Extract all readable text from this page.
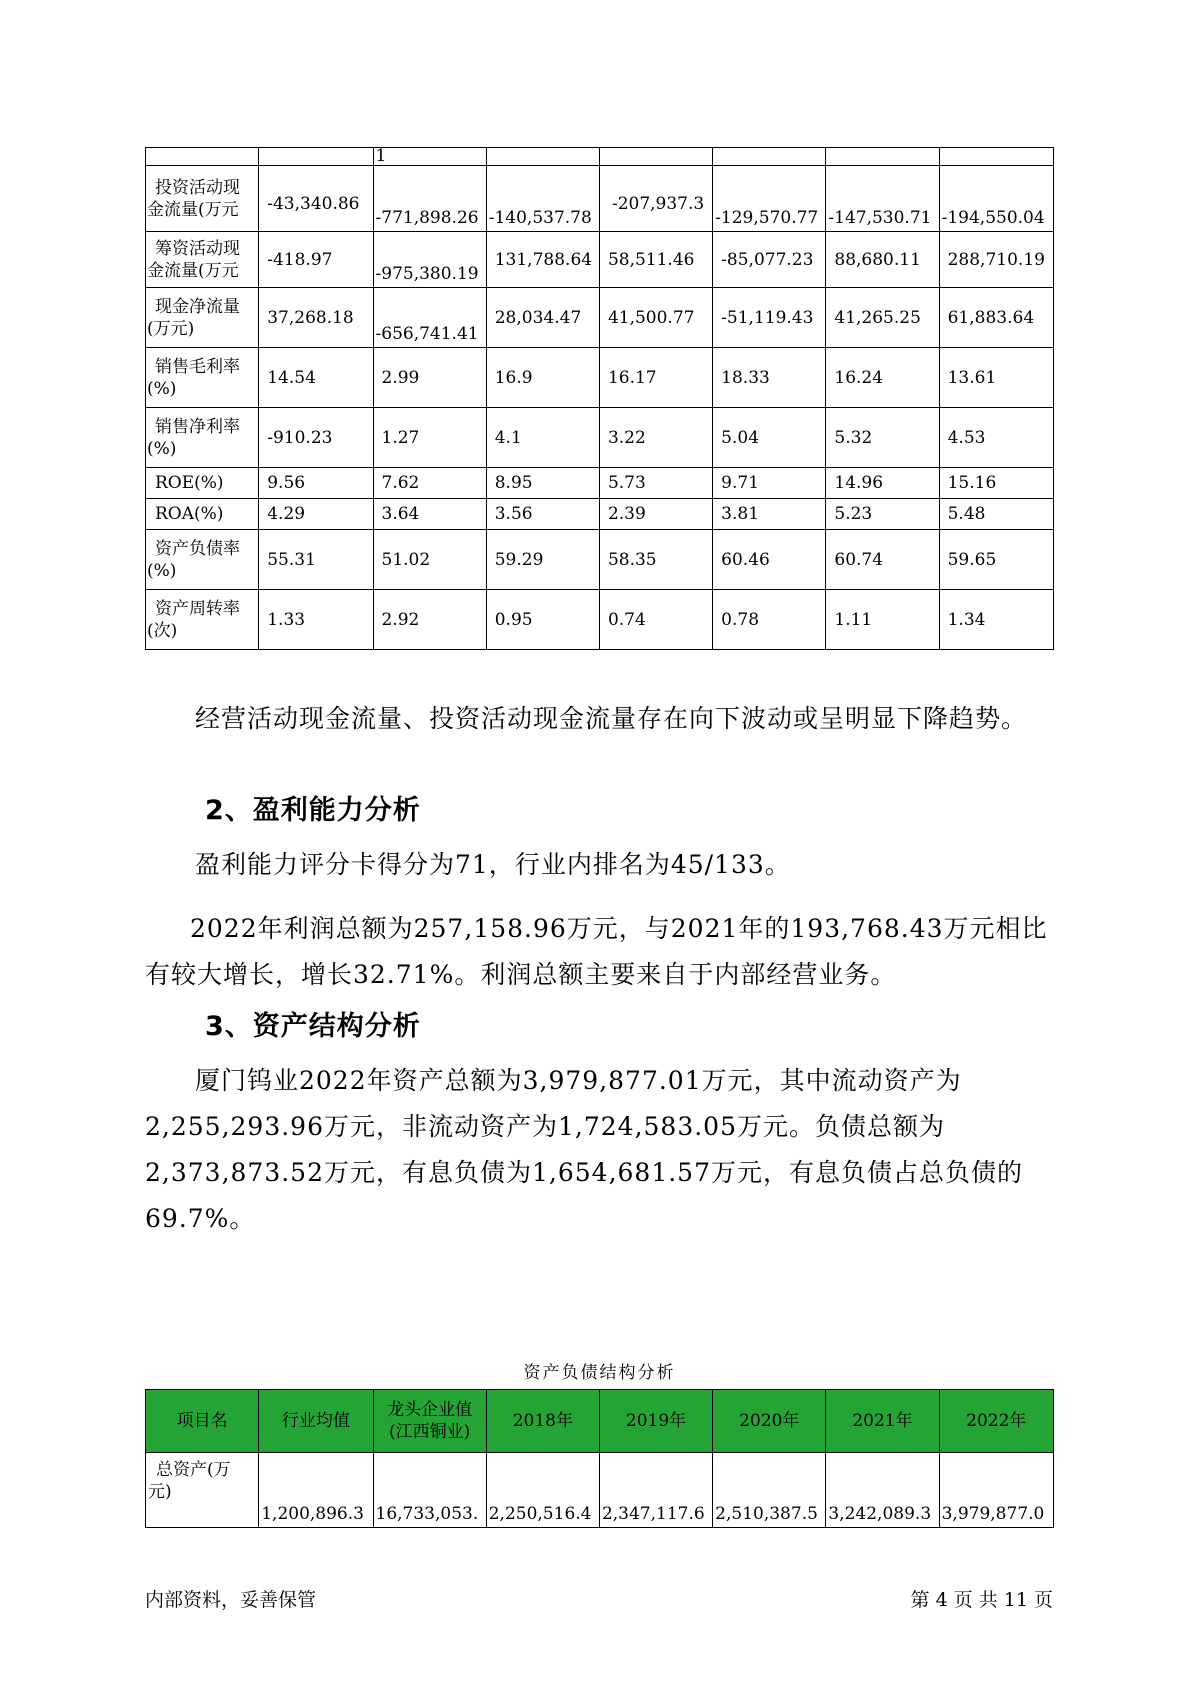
		1					

投资活动现
金流量(万元	-43,340.86	-771,898.26	-140,537.78	-207,937.3	-129,570.77	-147,530.71	-194,550.04

筹资活动现
金流量(万元	-418.97	-975,380.19	131,788.64	58,511.46	-85,077.23	88,680.11	288,710.19

现金净流量
(万元)	37,268.18	-656,741.41	28,034.47	41,500.77	-51,119.43	41,265.25	61,883.64

销售毛利率
(%)	14.54	2.99	16.9	16.17	18.33	16.24	13.61

销售净利率
(%)	-910.23	1.27	4.1	3.22	5.04	5.32	4.53

ROE(%)	9.56	7.62	8.95	5.73	9.71	14.96	15.16

ROA(%)	4.29	3.64	3.56	2.39	3.81	5.23	5.48

资产负债率
(%)	55.31	51.02	59.29	58.35	60.46	60.74	59.65

资产周转率
(次)	1.33	2.92	0.95	0.74	0.78	1.11	1.34

经营活动现金流量、投资活动现金流量存在向下波动或呈明显下降趋势。

2、盈利能力分析

盈利能力评分卡得分为71，行业内排名为45/133。

2022年利润总额为257,158.96万元，与2021年的193,768.43万元相比有较大增长，增长32.71%。利润总额主要来自于内部经营业务。

3、资产结构分析

厦门钨业2022年资产总额为3,979,877.01万元，其中流动资产为2,255,293.96万元，非流动资产为1,724,583.05万元。负债总额为2,373,873.52万元，有息负债为1,654,681.57万元，有息负债占总负债的69.7%。

资产负债结构分析
项目名	行业均值	龙头企业值(江西铜业)	2018年	2019年	2020年	2021年	2022年

总资产(万
元)	1,200,896.3	16,733,053.	2,250,516.4	2,347,117.6	2,510,387.5	3,242,089.3	3,979,877.0
内部资料，妥善保管	第 4 页 共 11 页
